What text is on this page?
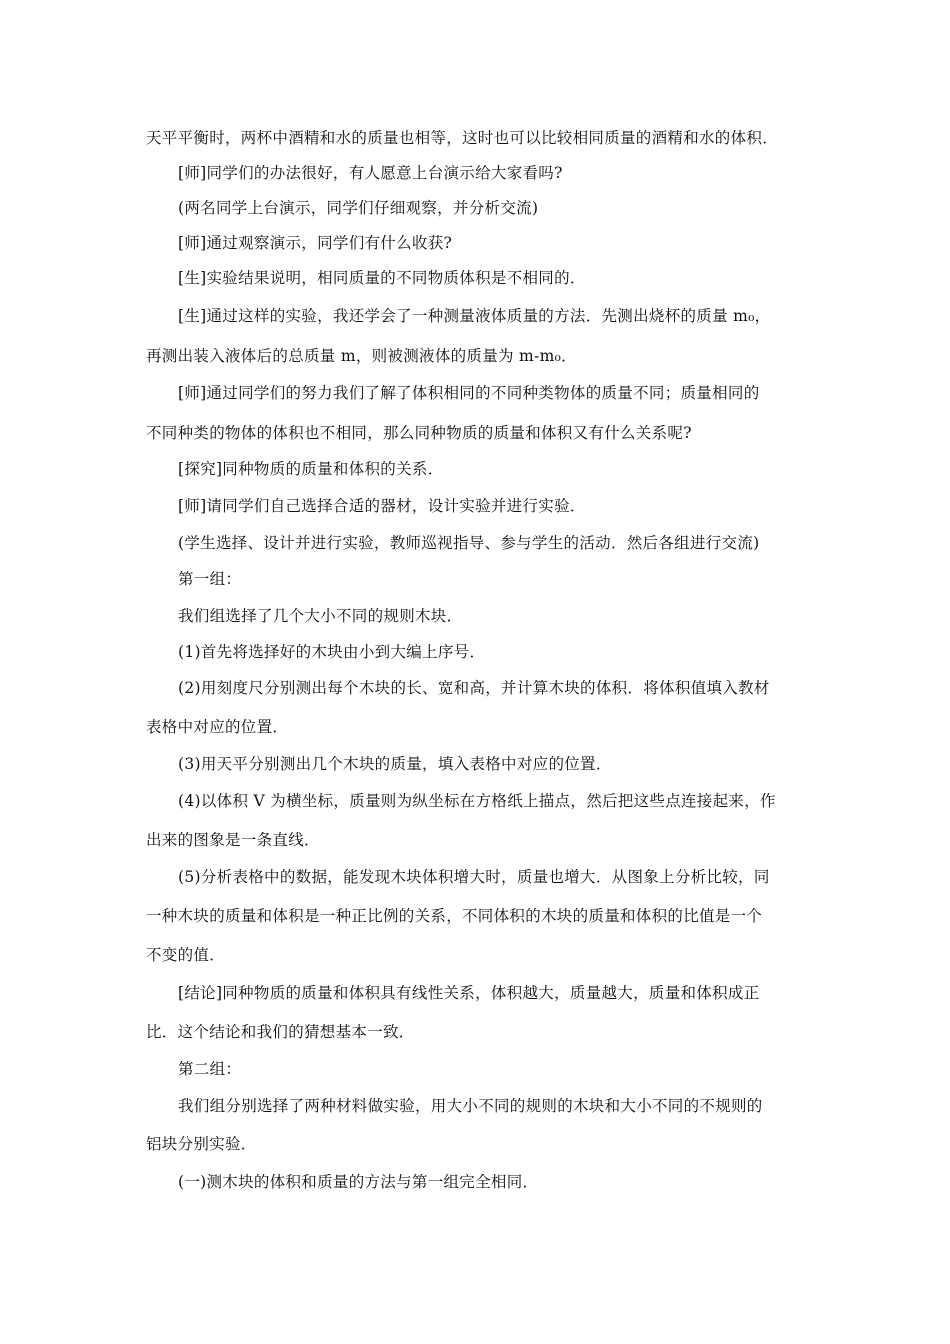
天平平衡时，两杯中酒精和水的质量也相等，这时也可以比较相同质量的酒精和水的体积．
[师]同学们的办法很好，有人愿意上台演示给大家看吗?
(两名同学上台演示，同学们仔细观察，并分析交流)
[师]通过观察演示，同学们有什么收获?
[生]实验结果说明，相同质量的不同物质体积是不相同的．
[生]通过这样的实验，我还学会了一种测量液体质量的方法．先测出烧杯的质量 m₀，
再测出装入液体后的总质量 m，则被测液体的质量为 m-m₀．
[师]通过同学们的努力我们了解了体积相同的不同种类物体的质量不同；质量相同的
不同种类的物体的体积也不相同，那么同种物质的质量和体积又有什么关系呢?
[探究]同种物质的质量和体积的关系．
[师]请同学们自己选择合适的器材，设计实验并进行实验．
(学生选择、设计并进行实验，教师巡视指导、参与学生的活动．然后各组进行交流)
第一组：
我们组选择了几个大小不同的规则木块．
(1)首先将选择好的木块由小到大编上序号．
(2)用刻度尺分别测出每个木块的长、宽和高，并计算木块的体积．将体积值填入教材
表格中对应的位置．
(3)用天平分别测出几个木块的质量，填入表格中对应的位置．
(4)以体积 V 为横坐标，质量则为纵坐标在方格纸上描点，然后把这些点连接起来，作
出来的图象是一条直线．
(5)分析表格中的数据，能发现木块体积增大时，质量也增大．从图象上分析比较，同
一种木块的质量和体积是一种正比例的关系，不同体积的木块的质量和体积的比值是一个
不变的值．
[结论]同种物质的质量和体积具有线性关系，体积越大，质量越大，质量和体积成正
比．这个结论和我们的猜想基本一致．
第二组：
我们组分别选择了两种材料做实验，用大小不同的规则的木块和大小不同的不规则的
铝块分别实验．
(一)测木块的体积和质量的方法与第一组完全相同．
